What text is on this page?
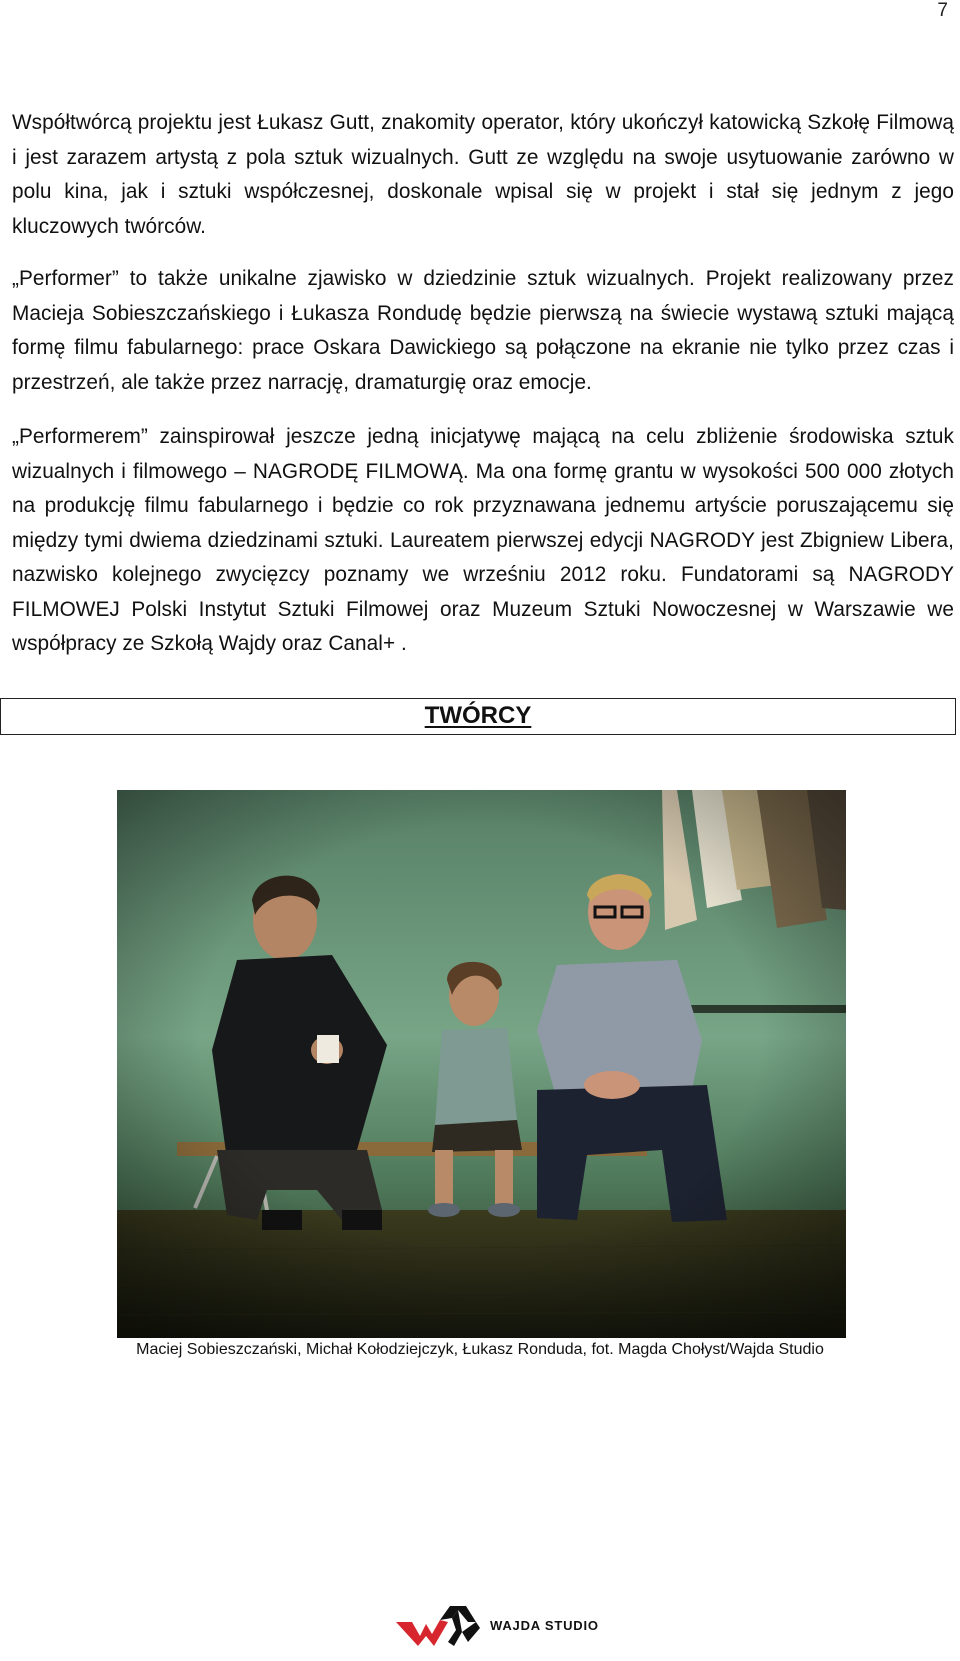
7

Współtwórcą projektu jest Łukasz Gutt, znakomity operator, który ukończył katowicką Szkołę Filmową i jest zarazem artystą z pola sztuk wizualnych. Gutt ze względu na swoje usytuowanie zarówno w polu kina, jak i sztuki współczesnej, doskonale wpisal się w projekt i stał się jednym z jego kluczowych twórców.

„Performer” to także unikalne zjawisko w dziedzinie sztuk wizualnych. Projekt realizowany przez Macieja Sobieszczańskiego i Łukasza Rondudę będzie pierwszą na świecie wystawą sztuki mającą formę filmu fabularnego: prace Oskara Dawickiego są połączone na ekranie nie tylko przez czas i przestrzeń, ale także przez narrację, dramaturgię oraz emocje.

„Performerem” zainspirował jeszcze jedną inicjatywę mającą na celu zbliżenie środowiska sztuk wizualnych i filmowego – NAGRODĘ FILMOWĄ. Ma ona formę grantu w wysokości 500 000 złotych na produkcję filmu fabularnego i będzie co rok przyznawana jednemu artyście poruszającemu się między tymi dwiema dziedzinami sztuki. Laureatem pierwszej edycji NAGRODY jest Zbigniew Libera, nazwisko kolejnego zwycięzcy poznamy we wrześniu 2012 roku. Fundatorami są NAGRODY FILMOWEJ Polski Instytut Sztuki Filmowej oraz Muzeum Sztuki Nowoczesnej w Warszawie we współpracy ze Szkołą Wajdy oraz Canal+ .

TWÓRCY
Maciej Sobieszczański, Michał Kołodziejczyk, Łukasz Ronduda, fot. Magda Chołyst/Wajda Studio
WAJDA STUDIO
